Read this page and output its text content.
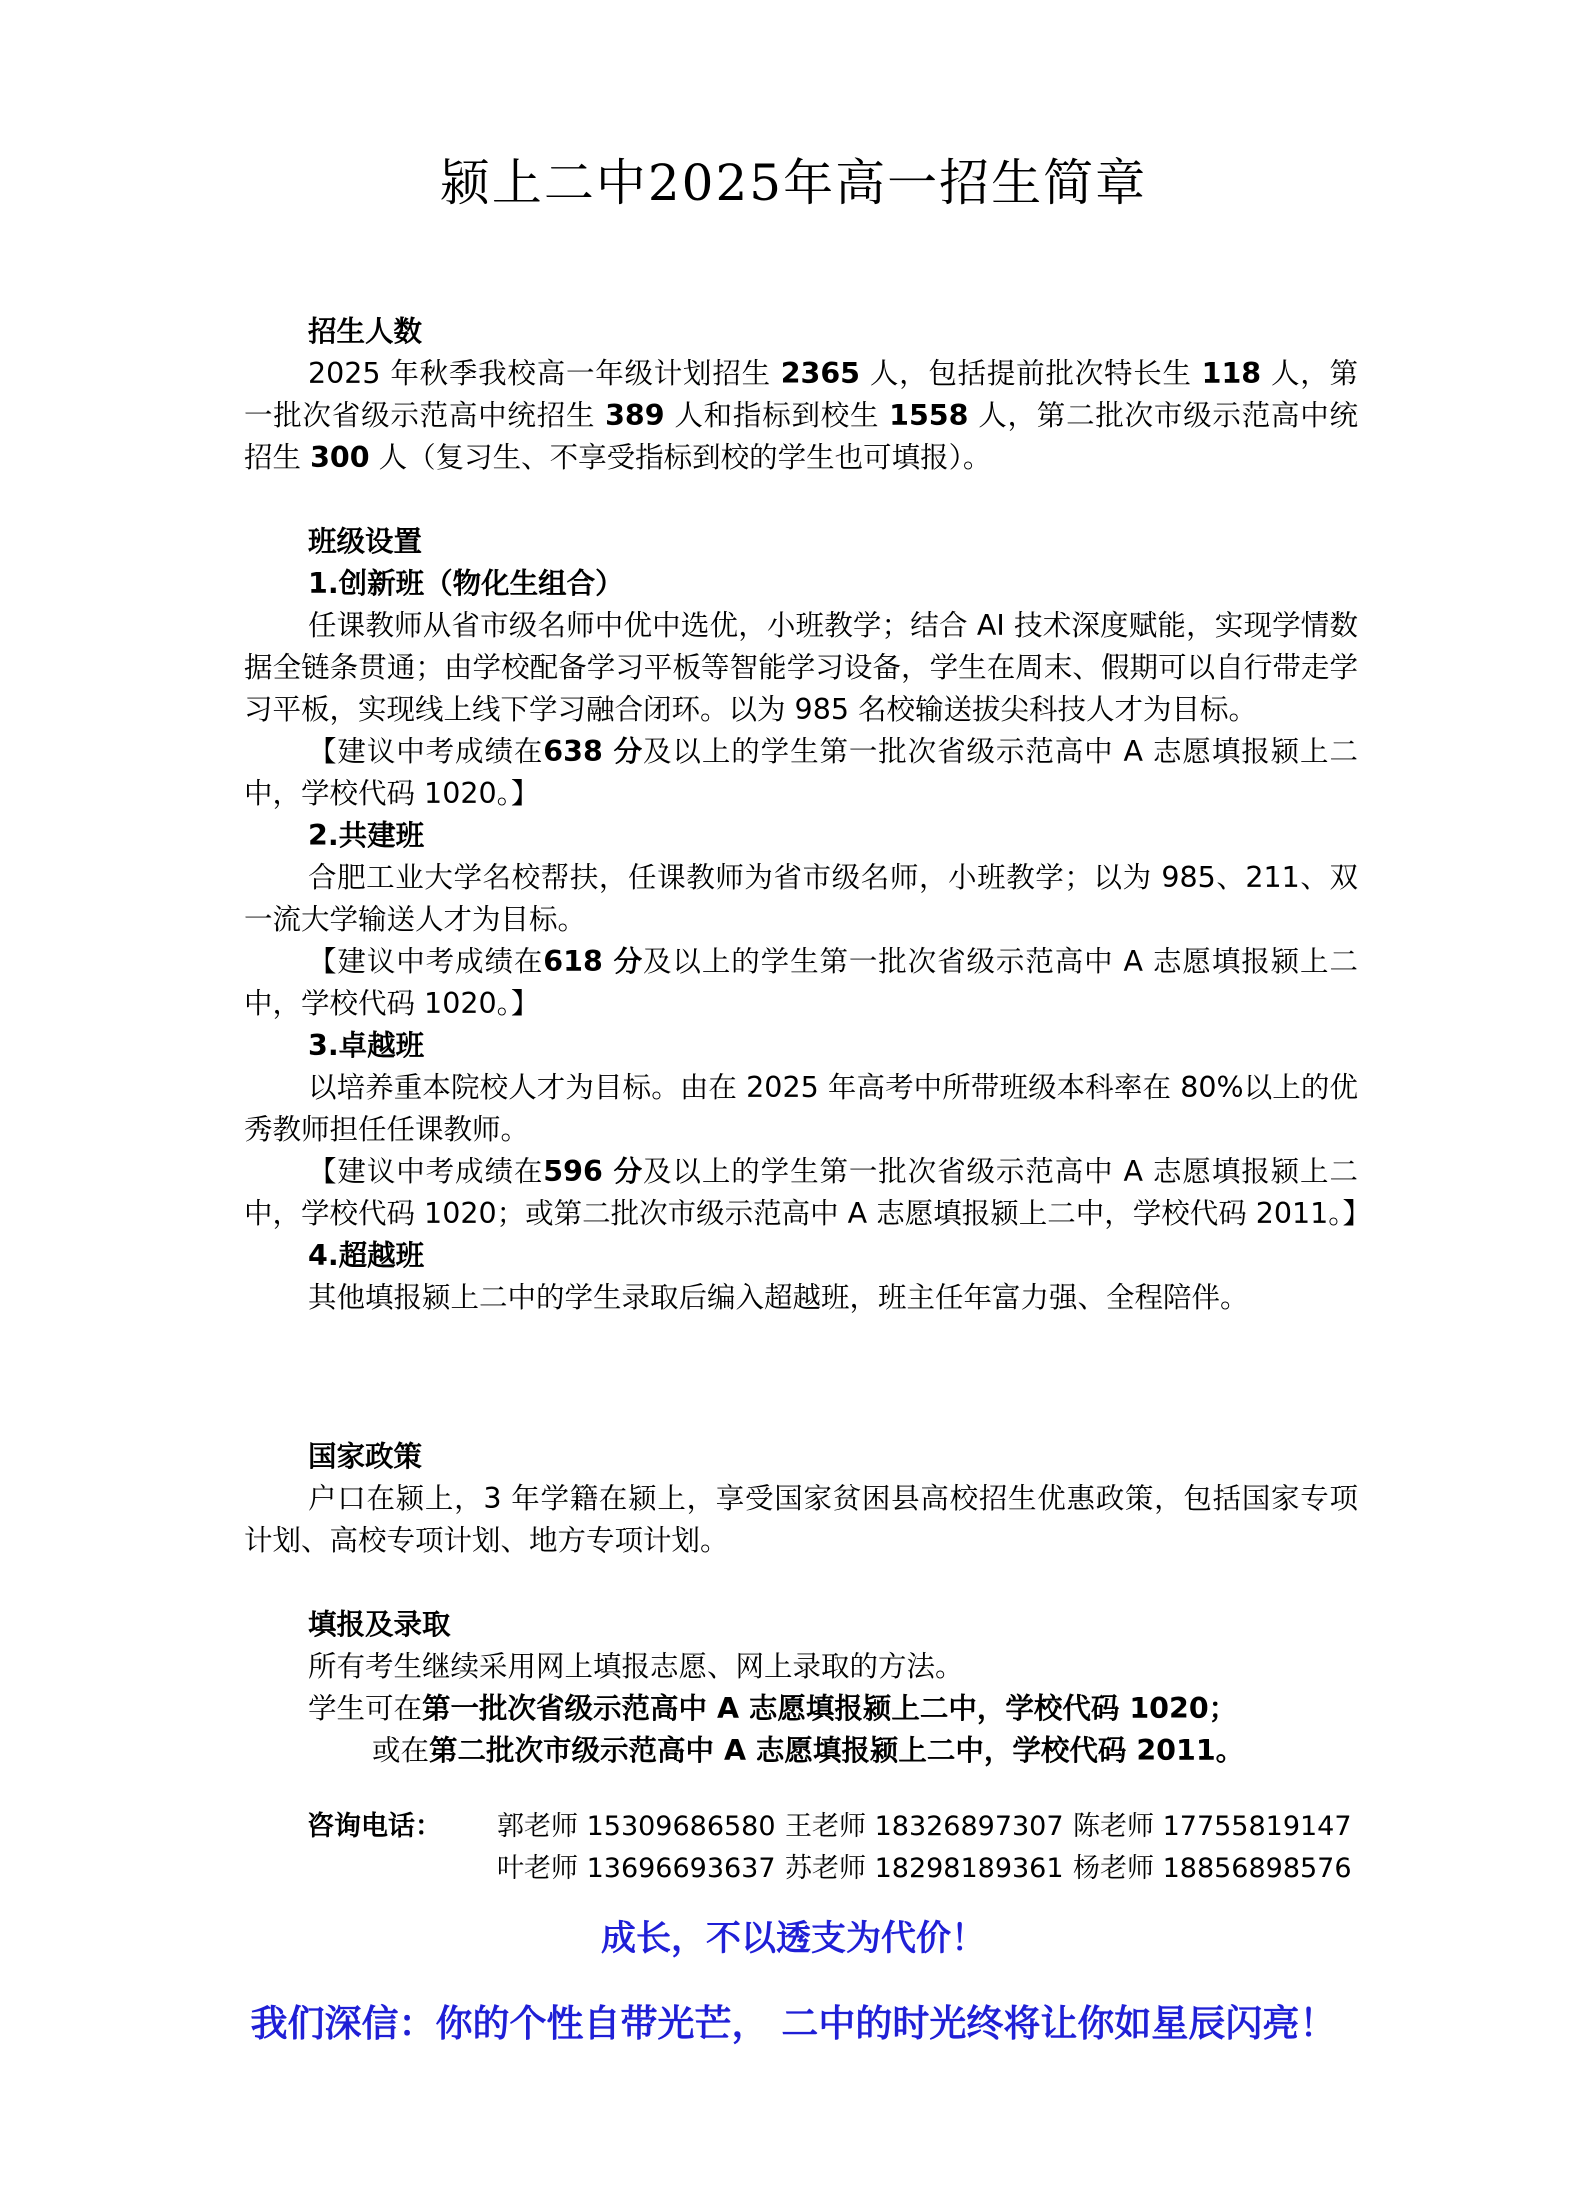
颍上二中2025年高一招生简章
招生人数
2025 年秋季我校高一年级计划招生 2365 人，包括提前批次特长生 118 人，第一批次省级示范高中统招生 389 人和指标到校生 1558 人，第二批次市级示范高中统招生 300 人（复习生、不享受指标到校的学生也可填报）。
班级设置
1.创新班（物化生组合）
任课教师从省市级名师中优中选优，小班教学；结合 AI 技术深度赋能，实现学情数据全链条贯通；由学校配备学习平板等智能学习设备，学生在周末、假期可以自行带走学习平板，实现线上线下学习融合闭环。以为 985 名校输送拔尖科技人才为目标。
【建议中考成绩在638 分及以上的学生第一批次省级示范高中 A 志愿填报颍上二中，学校代码 1020。】
2.共建班
合肥工业大学名校帮扶，任课教师为省市级名师，小班教学；以为 985、211、双一流大学输送人才为目标。
【建议中考成绩在618 分及以上的学生第一批次省级示范高中 A 志愿填报颍上二中，学校代码 1020。】
3.卓越班
以培养重本院校人才为目标。由在 2025 年高考中所带班级本科率在 80%以上的优秀教师担任任课教师。
【建议中考成绩在596 分及以上的学生第一批次省级示范高中 A 志愿填报颍上二中，学校代码 1020；或第二批次市级示范高中 A 志愿填报颍上二中，学校代码 2011。】
4.超越班
其他填报颍上二中的学生录取后编入超越班，班主任年富力强、全程陪伴。
国家政策
户口在颍上，3 年学籍在颍上，享受国家贫困县高校招生优惠政策，包括国家专项计划、高校专项计划、地方专项计划。
填报及录取
所有考生继续采用网上填报志愿、网上录取的方法。
学生可在第一批次省级示范高中 A 志愿填报颍上二中，学校代码 1020；
或在第二批次市级示范高中 A 志愿填报颍上二中，学校代码 2011。
咨询电话：	郭老师 15309686580 王老师 18326897307 陈老师 17755819147
叶老师 13696693637 苏老师 18298189361 杨老师 18856898576
成长，不以透支为代价！
我们深信：你的个性自带光芒， 二中的时光终将让你如星辰闪亮！
